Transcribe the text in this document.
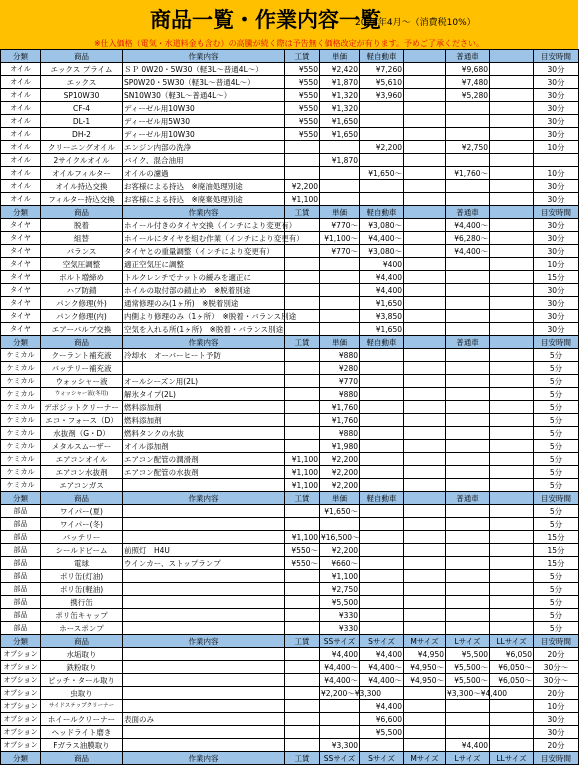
商品一覧・作業内容一覧
2024年4月～（消費税10%）
※仕入価格（電気・水道料金も含む）の高騰が続く際は予告無く価格改定が有ります。予めご了承ください。
分類	商品	作業内容	工賃	単価	軽自動車		普通車		目安時間
オイル	エックス プライム	ＳＰ 0W20・5W30（軽3L～普通4L～）	¥550	¥2,420	¥7,260		¥9,680		30分
オイル	エックス	SP0W20・5W30（軽3L～普通4L～）	¥550	¥1,870	¥5,610		¥7,480		30分
オイル	SP10W30	SN10W30（軽3L～普通4L～）	¥550	¥1,320	¥3,960		¥5,280		30分
オイル	CF-4	ディーゼル用10W30	¥550	¥1,320					30分
オイル	DL-1	ディーゼル用5W30	¥550	¥1,650					30分
オイル	DH-2	ディーゼル用10W30	¥550	¥1,650					30分
オイル	クリーニングオイル	エンジン内部の洗浄			¥2,200		¥2,750		10分
オイル	2サイクルオイル	バイク、混合油用		¥1,870					
オイル	オイルフィルター	オイルの濾過			¥1,650～		¥1,760～		10分
オイル	オイル持込交換	お客様による持込　※廃油処理別途	¥2,200						30分
オイル	フィルター持込交換	お客様による持込　※廃棄処理別途	¥1,100						30分
分類	商品	作業内容	工賃	単価	軽自動車		普通車		目安時間
タイヤ	脱着	ホイール付きのタイヤ交換（インチにより変更有）		¥770～	¥3,080～		¥4,400～		30分
タイヤ	組替	ホイールにタイヤを組む作業（インチにより変更有）		¥1,100～	¥4,400～		¥6,280～		30分
タイヤ	バランス	タイヤとの重量調整（インチにより変更有）		¥770～	¥3,080～		¥4,400～		30分
タイヤ	空気圧調整	適正空気圧に調整			¥400				10分
タイヤ	ボルト増締め	トルクレンチでナットの緩みを適正に			¥4,400				15分
タイヤ	ハブ防錆	ホイルの取付部の錆止め　※脱着別途			¥4,400				30分
タイヤ	パンク修理(外)	通常修理のみ(1ヶ所)　※脱着別途			¥1,650				30分
タイヤ	パンク修理(内)	内側より修理のみ（1ヶ所）　※脱着・バランス別途			¥3,850				30分
タイヤ	エアーバルブ交換	空気を入れる所(1ヶ所)　※脱着・バランス別途			¥1,650				30分
分類	商品	作業内容	工賃	単価	軽自動車		普通車		目安時間
ケミカル	クーラント補充液	冷却水　オーバーヒート予防		¥880					5分
ケミカル	バッテリー補充液			¥280					5分
ケミカル	ウォッシャー液	オールシーズン用(2L)		¥770					5分
ケミカル	ウォッシャー液(冬用)	解氷タイプ(2L)		¥880					5分
ケミカル	デポジットクリーナー	燃料添加剤		¥1,760					5分
ケミカル	エコ・フォース（D）	燃料添加剤		¥1,760					5分
ケミカル	水抜剤（G・D）	燃料タンクの水抜		¥880					5分
ケミカル	メタルスムーザー	オイル添加剤		¥1,980					5分
ケミカル	エアコンオイル	エアコン配管の潤滑剤	¥1,100	¥2,200					5分
ケミカル	エアコン水抜剤	エアコン配管の水抜剤	¥1,100	¥2,200					5分
ケミカル	エアコンガス		¥1,100	¥2,200					5分
分類	商品	作業内容	工賃	単価	軽自動車		普通車		目安時間
部品	ワイパー(夏)			¥1,650～					5分
部品	ワイパー(冬)								5分
部品	バッテリー		¥1,100	¥16,500～					15分
部品	シールドビーム	前照灯　H4U	¥550～	¥2,200					15分
部品	電球	ウインカー、ストップランプ	¥550～	¥660～					15分
部品	ポリ缶(灯油)			¥1,100					5分
部品	ポリ缶(軽油)			¥2,750					5分
部品	携行缶			¥5,500					5分
部品	ポリ缶キャップ			¥330					5分
部品	ホースポンプ			¥330					5分
分類	商品	作業内容	工賃	SSサイズ	Sサイズ	Mサイズ	Lサイズ	LLサイズ	目安時間
オプション	水垢取り			¥4,400	¥4,400	¥4,950	¥5,500	¥6,050	20分
オプション	鉄粉取り			¥4,400～	¥4,400～	¥4,950～	¥5,500～	¥6,050～	30分～
オプション	ピッチ・タール取り			¥4,400～	¥4,400～	¥4,950～	¥5,500～	¥6,050～	30分～
オプション	虫取り			¥2,200～¥3,300			¥3,300～¥4,400		20分
オプション	サイドステップクリーナー				¥4,400				10分
オプション	ホイールクリーナー	表面のみ			¥6,600				30分
オプション	ヘッドライト磨き				¥5,500				30分
オプション	Fガラス油膜取り			¥3,300			¥4,400		20分
分類	商品	作業内容	工賃	SSサイズ	Sサイズ	Mサイズ	Lサイズ	LLサイズ	目安時間
